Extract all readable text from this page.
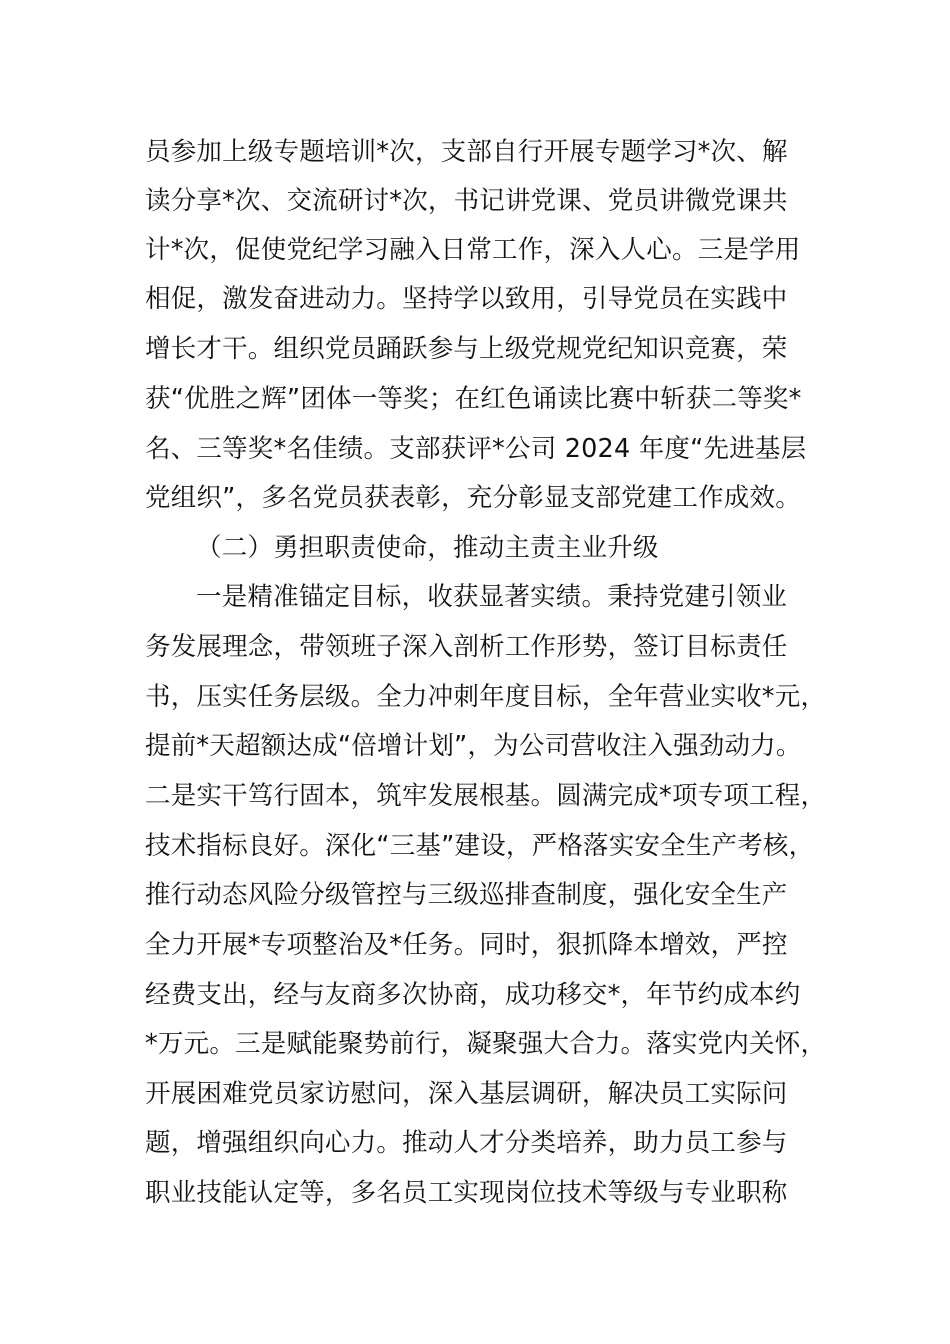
员参加上级专题培训*次，支部自行开展专题学习*次、解
读分享*次、交流研讨*次，书记讲党课、党员讲微党课共
计*次，促使党纪学习融入日常工作，深入人心。三是学用
相促，激发奋进动力。坚持学以致用，引导党员在实践中
增长才干。组织党员踊跃参与上级党规党纪知识竞赛，荣
获“优胜之辉”团体一等奖；在红色诵读比赛中斩获二等奖*
名、三等奖*名佳绩。支部获评*公司 2024 年度“先进基层
党组织”，多名党员获表彰，充分彰显支部党建工作成效。
（二）勇担职责使命，推动主责主业升级
一是精准锚定目标，收获显著实绩。秉持党建引领业
务发展理念，带领班子深入剖析工作形势，签订目标责任
书，压实任务层级。全力冲刺年度目标，全年营业实收*元，
提前*天超额达成“倍增计划”，为公司营收注入强劲动力。
二是实干笃行固本，筑牢发展根基。圆满完成*项专项工程，
技术指标良好。深化“三基”建设，严格落实安全生产考核，
推行动态风险分级管控与三级巡排查制度，强化安全生产
全力开展*专项整治及*任务。同时，狠抓降本增效，严控
经费支出，经与友商多次协商，成功移交*，年节约成本约
*万元。三是赋能聚势前行，凝聚强大合力。落实党内关怀，
开展困难党员家访慰问，深入基层调研，解决员工实际问
题，增强组织向心力。推动人才分类培养，助力员工参与
职业技能认定等，多名员工实现岗位技术等级与专业职称
